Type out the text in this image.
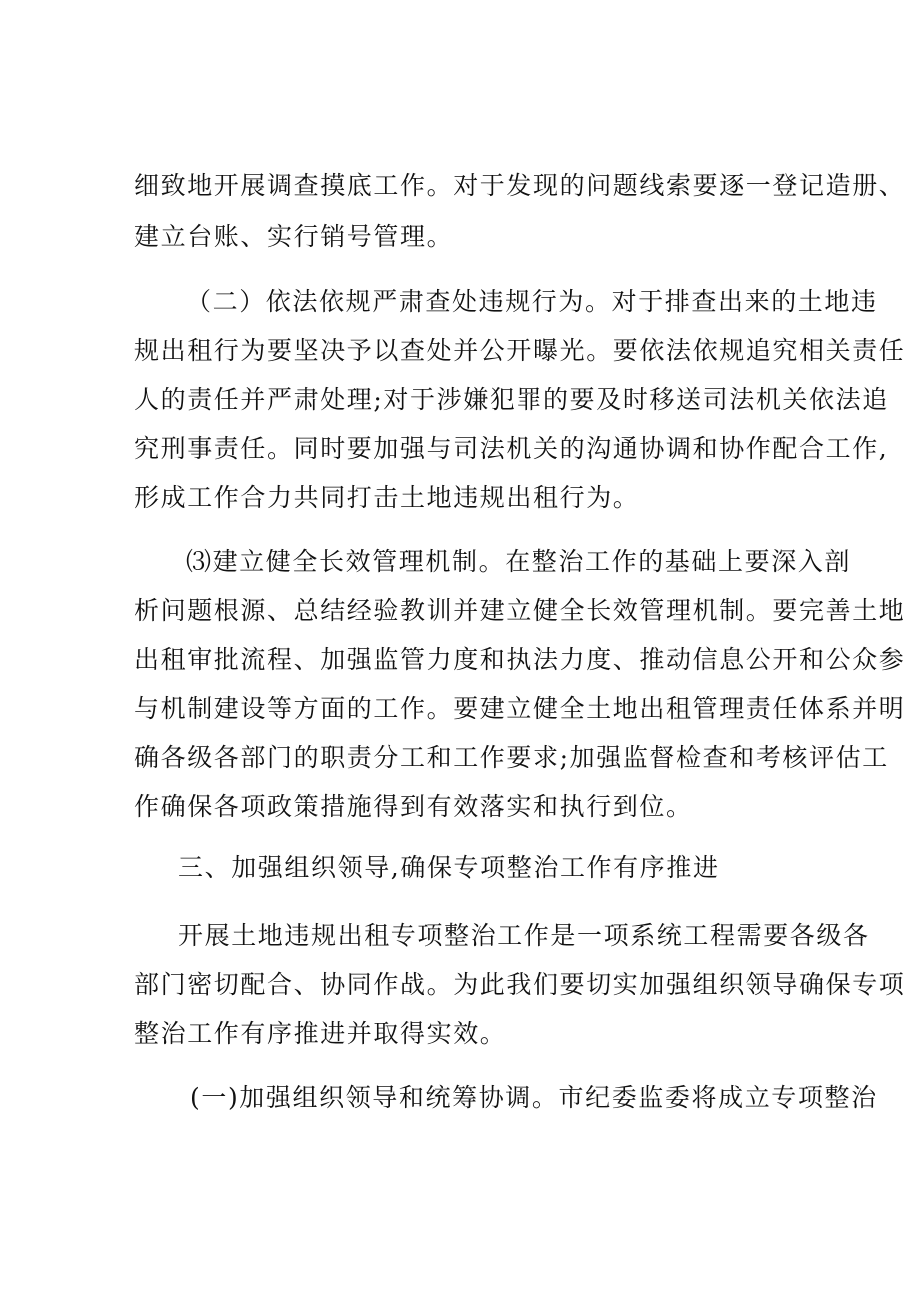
细致地开展调查摸底工作。对于发现的问题线索要逐一登记造册、
建立台账、实行销号管理。
（二）依法依规严肃查处违规行为。对于排查出来的土地违
规出租行为要坚决予以查处并公开曝光。要依法依规追究相关责任
人的责任并严肃处理;对于涉嫌犯罪的要及时移送司法机关依法追
究刑事责任。同时要加强与司法机关的沟通协调和协作配合工作,
形成工作合力共同打击土地违规出租行为。
⑶建立健全长效管理机制。在整治工作的基础上要深入剖
析问题根源、总结经验教训并建立健全长效管理机制。要完善土地
出租审批流程、加强监管力度和执法力度、推动信息公开和公众参
与机制建设等方面的工作。要建立健全土地出租管理责任体系并明
确各级各部门的职责分工和工作要求;加强监督检查和考核评估工
作确保各项政策措施得到有效落实和执行到位。
三、加强组织领导,确保专项整治工作有序推进
开展土地违规出租专项整治工作是一项系统工程需要各级各
部门密切配合、协同作战。为此我们要切实加强组织领导确保专项
整治工作有序推进并取得实效。
(一)加强组织领导和统筹协调。市纪委监委将成立专项整治
